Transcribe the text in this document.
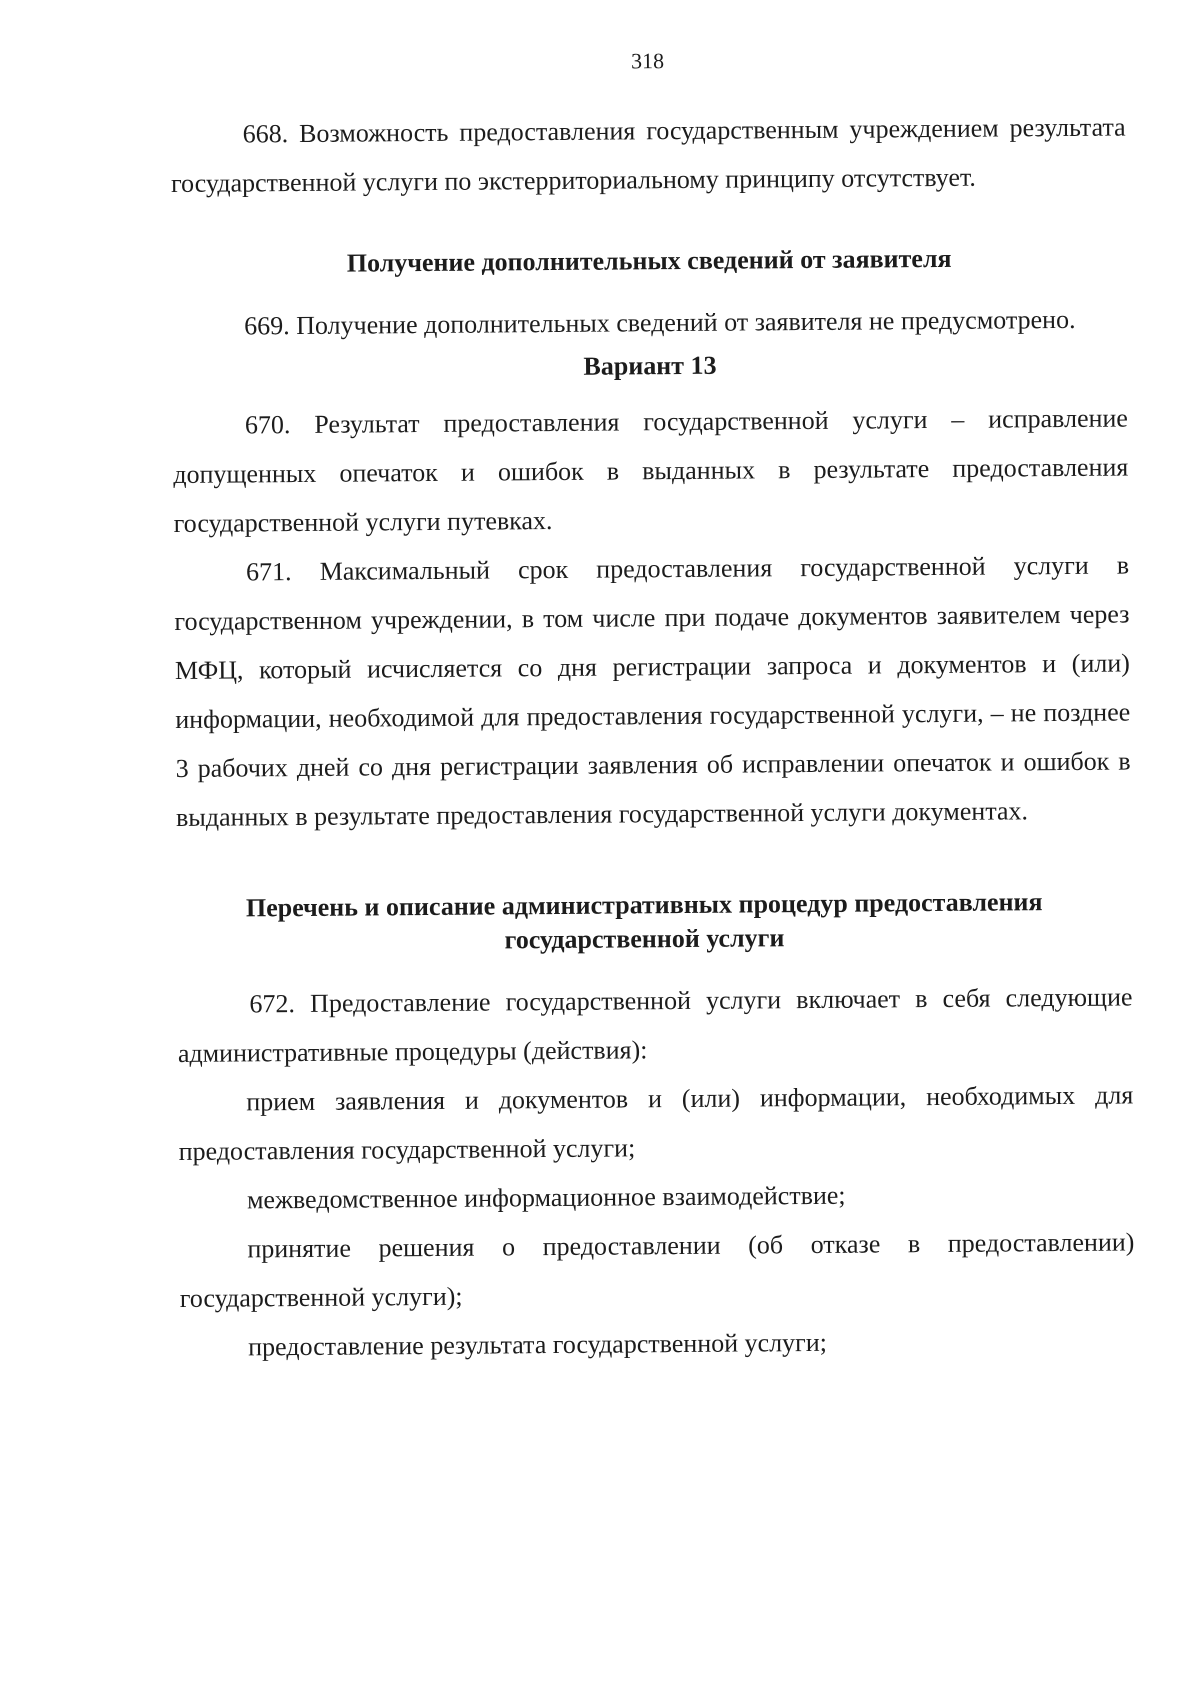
318

668. Возможность предоставления государственным учреждением результата государственной услуги по экстерриториальному принципу отсутствует.

Получение дополнительных сведений от заявителя

669. Получение дополнительных сведений от заявителя не предусмотрено.

Вариант 13

670. Результат предоставления государственной услуги – исправление допущенных опечаток и ошибок в выданных в результате предоставления государственной услуги путевках.

671. Максимальный срок предоставления государственной услуги в государственном учреждении, в том числе при подаче документов заявителем через МФЦ, который исчисляется со дня регистрации запроса и документов и (или) информации, необходимой для предоставления государственной услуги, – не позднее 3 рабочих дней со дня регистрации заявления об исправлении опечаток и ошибок в выданных в результате предоставления государственной услуги документах.

Перечень и описание административных процедур предоставления государственной услуги

672. Предоставление государственной услуги включает в себя следующие административные процедуры (действия):

прием заявления и документов и (или) информации, необходимых для предоставления государственной услуги;

межведомственное информационное взаимодействие;

принятие решения о предоставлении (об отказе в предоставлении) государственной услуги);

предоставление результата государственной услуги;
